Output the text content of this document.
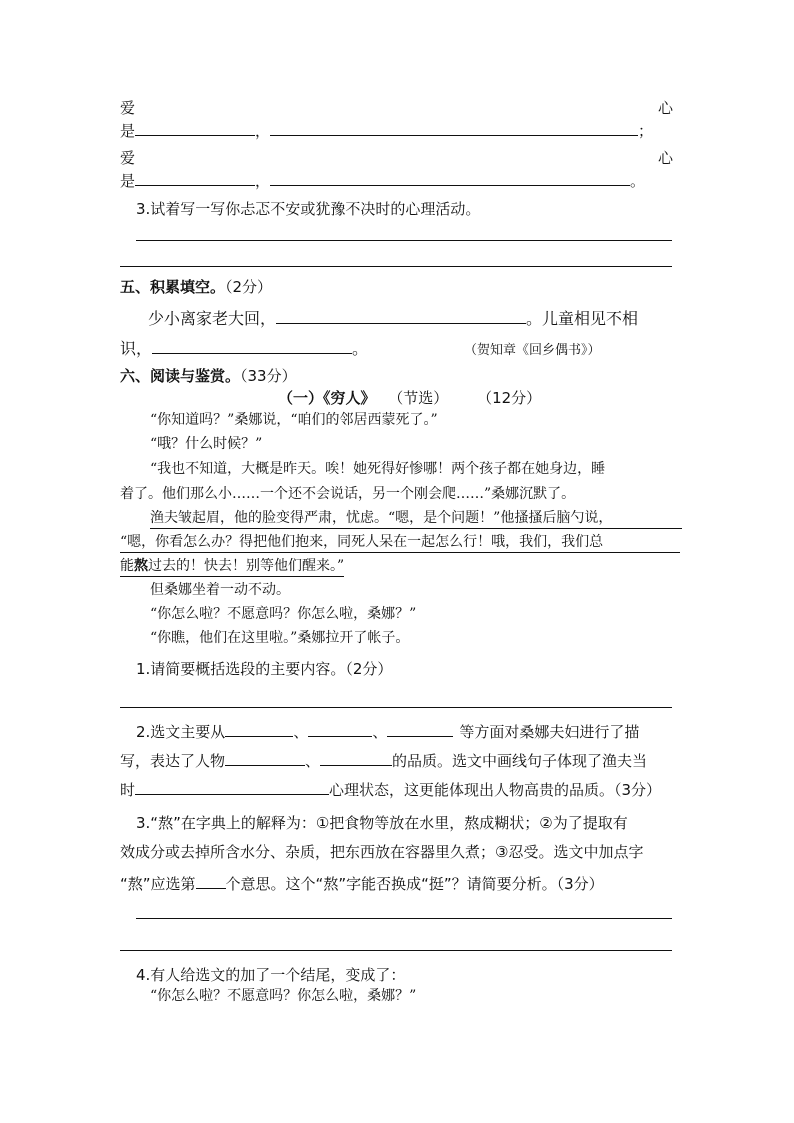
爱	心
是	，	；
爱	心
是	，	。
3.试着写一写你忐忑不安或犹豫不决时的心理活动。
五、积累填空。（2分）
少小离家老大回，	。儿童相见不相
识，	。	（贺知章《回乡偶书》）
六、阅读与鉴赏。（33分）
（一）《穷人》 （节选） （12分）
“你知道吗？”桑娜说，“咱们的邻居西蒙死了。”
“哦？什么时候？”
“我也不知道，大概是昨天。唉！她死得好惨哪！两个孩子都在她身边，睡
着了。他们那么小……一个还不会说话，另一个刚会爬……”桑娜沉默了。
渔夫皱起眉，他的脸变得严肃，忧虑。“嗯，是个问题！”他搔搔后脑勺说，
“嗯，你看怎么办？得把他们抱来，同死人呆在一起怎么行！哦，我们，我们总
能熬过去的！快去！别等他们醒来。”
但桑娜坐着一动不动。
“你怎么啦？不愿意吗？你怎么啦，桑娜？”
“你瞧，他们在这里啦。”桑娜拉开了帐子。
1.请简要概括选段的主要内容。（2分）
2.选文主要从	、	、	等方面对桑娜夫妇进行了描
写，表达了人物	、	的品质。选文中画线句子体现了渔夫当
时	心理状态，这更能体现出人物高贵的品质。（3分）
3.“熬”在字典上的解释为：①把食物等放在水里，熬成糊状；②为了提取有
效成分或去掉所含水分、杂质，把东西放在容器里久煮；③忍受。选文中加点字
“熬”应选第 个意思。这个“熬”字能否换成“挺”？请简要分析。（3分）
4.有人给选文的加了一个结尾，变成了：
“你怎么啦？不愿意吗？你怎么啦，桑娜？”
